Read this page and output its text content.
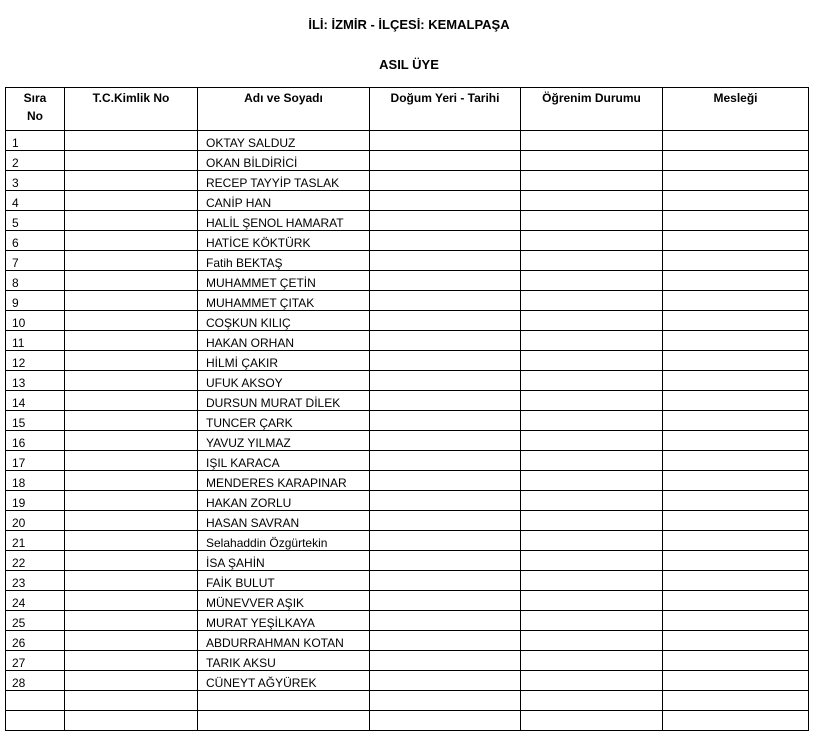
İLİ: İZMİR - İLÇESİ: KEMALPAŞA
ASIL ÜYE
Sıra No	T.C.Kimlik No	Adı ve Soyadı	Doğum Yeri - Tarihi	Öğrenim Durumu	Mesleği
1		OKTAY SALDUZ			
2		OKAN BİLDİRİCİ			
3		RECEP TAYYİP TASLAK			
4		CANİP HAN			
5		HALİL ŞENOL HAMARAT			
6		HATİCE KÖKTÜRK			
7		Fatih BEKTAŞ			
8		MUHAMMET ÇETİN			
9		MUHAMMET ÇITAK			
10		COŞKUN KILIÇ			
11		HAKAN ORHAN			
12		HİLMİ ÇAKIR			
13		UFUK AKSOY			
14		DURSUN MURAT DİLEK			
15		TUNCER ÇARK			
16		YAVUZ YILMAZ			
17		IŞIL KARACA			
18		MENDERES KARAPINAR			
19		HAKAN ZORLU			
20		HASAN SAVRAN			
21		Selahaddin Özgürtekin			
22		İSA ŞAHİN			
23		FAİK BULUT			
24		MÜNEVVER AŞIK			
25		MURAT YEŞİLKAYA			
26		ABDURRAHMAN KOTAN			
27		TARIK AKSU			
28		CÜNEYT AĞYÜREK			
